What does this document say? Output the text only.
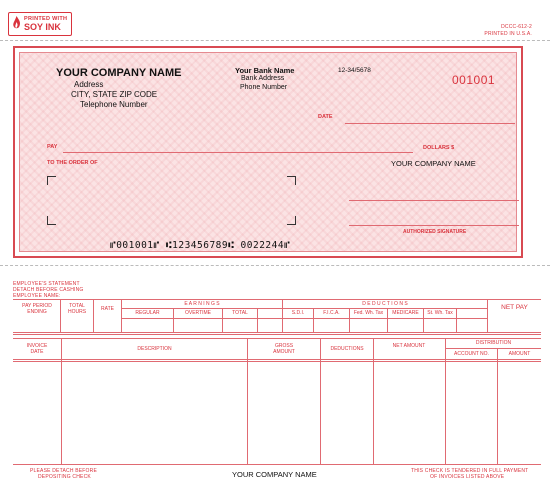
PRINTED WITH
SOY INK	DCCC-612-2
PRINTED IN U.S.A.
YOUR COMPANY NAME
Address
CITY, STATE ZIP CODE
Telephone Number
Your Bank Name
Bank Address
Phone Number
12-34/5678
001001
DATE
PAY	DOLLARS $
TO THE ORDER OF	YOUR COMPANY NAME
AUTHORIZED SIGNATURE
⑈001001⑈ ⑆123456789⑆ 0022244⑈
EMPLOYEE'S STATEMENT
DETACH BEFORE CASHING
EMPLOYEE NAME:
PAY PERIOD ENDING
TOTAL HOURS	RATE
E A R N I N G S	D E D U C T I O N S	NET PAY
REGULAR	OVERTIME	TOTAL	S.D.I.	F.I.C.A.	Fed. Wh. Tax	MEDICARE	St. Wh. Tax
INVOICE DATE	DESCRIPTION	GROSS AMOUNT	DEDUCTIONS	NET AMOUNT	DISTRIBUTION
ACCOUNT NO.	AMOUNT
PLEASE DETACH BEFORE
DEPOSITING CHECK	YOUR COMPANY NAME	THIS CHECK IS TENDERED IN FULL PAYMENT
OF INVOICES LISTED ABOVE
